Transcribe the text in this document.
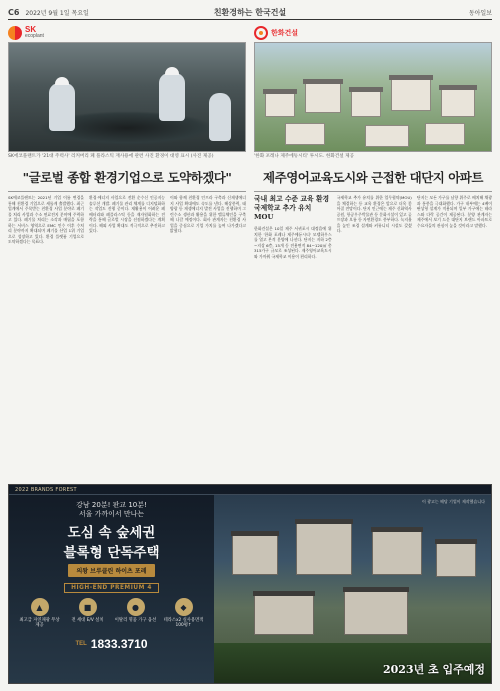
C6 2022년 9월 1일 목요일	친환경하는 한국건설	동아일보
SK
ecoplant
SK에코플랜트가 '21대 주력사' 리커버리 폐 플라스틱 재사용에 관련 사진 환경이 대영 표시 (사진 제공)
"글로벌 종합 환경기업으로 도약하겠다"
SK에코플랜트는 2021년 기업 이름 변경을 통해 친환경 기업으로 새롭게 출발했다. 최근 업계에서 주목받는 친환경 사업 분야로 폐기물 처리 사업과 수소 연료전지 분야에 주력하고 있다. 폐기물 처리는 소각과 매립을 포함하는 서비스 영역으로 EMC 인수 이후 수처리 분야까지 확대되며 폐기물 산업 1위 기업으로 성장하고 있다. 환경 플랫폼 기업으로 도약하겠다는 목표다.
환경·에너지 사업으로 전환 순수신 인공지능 솔루션 개발. 폐기물 관리 체계를 디지털화하는 작업도 진행 중이다. 재활용이 어려운 폐배터리와 폐플라스틱 등을 재자원화하는 전략을 통해 글로벌 시장을 선점하겠다는 계획이다. 해외 사업 확대도 적극적으로 추진하고 있다.
이와 함께 친환경 인프라 구축과 신재생에너지 사업 확대에도 속도를 낸다. 해상풍력, 태양광 등 재생에너지 발전 사업을 진행하며 그린수소 생산과 활용을 위한 밸류체인을 구축해 나갈 예정이다. 회사 관계자는 친환경 사업을 중심으로 기업 가치를 높여 나가겠다고 밝혔다.
한화건설
'한화 포레나 제주에듀시티' 투시도. 한화건설 제공
제주영어교육도시와 근접한 대단지 아파트
국내 최고 수준 교육 환경 국제학교 추가 유치 MOU
한화건설은 10일 제주 서귀포시 대정읍에 위치한 '한화 포레나 제주에듀시티' 모델하우스를 열고 본격 분양에 나선다. 단지는 지하 2층∼지상 6층, 15개 동 전용면적 84∼120㎡ 총 315가구 규모로 조성된다. 제주영어교육도시와 가까워 국제학교 이용이 편리하다.
국제학교 추가 유치를 위한 업무협약(MOU)을 체결하는 등 교육 환경은 앞으로 더욱 좋아질 전망이다. 단지 인근에는 제주 신화역사공원, 항공우주박물관 등 문화시설이 있고 골프장과 오름 등 자연환경도 풍부하다. 녹지율을 높인 조경 설계와 커뮤니티 시설도 갖췄다.
단지는 모든 가구를 남향 위주로 배치해 채광과 통풍을 극대화했다. 가구 내부에는 4베이 판상형 설계가 적용되며 일부 가구에는 테라스와 다락 공간이 제공된다. 분양 관계자는 제주에서 보기 드문 대단지 브랜드 아파트로 수요자들의 관심이 높을 것이라고 말했다.
2022 BRANDS FOREST
강남 20분! 판교 10분!
서울 가까이서 만나는
도심 속 숲세권
블록형 단독주택
의왕 브루클린 하이츠 포레
HIGH-END PREMIUM 4
▲
최고급 자연채광 무상제공
■
전 세대 E/V 설치
●
이탈리 명품 가구 옵션
◆
테라스x2 실사용면적 100평↑
TEL 1833.3710
이 광고는 해당 기업이 제작했습니다
2023년 초 입주예정
